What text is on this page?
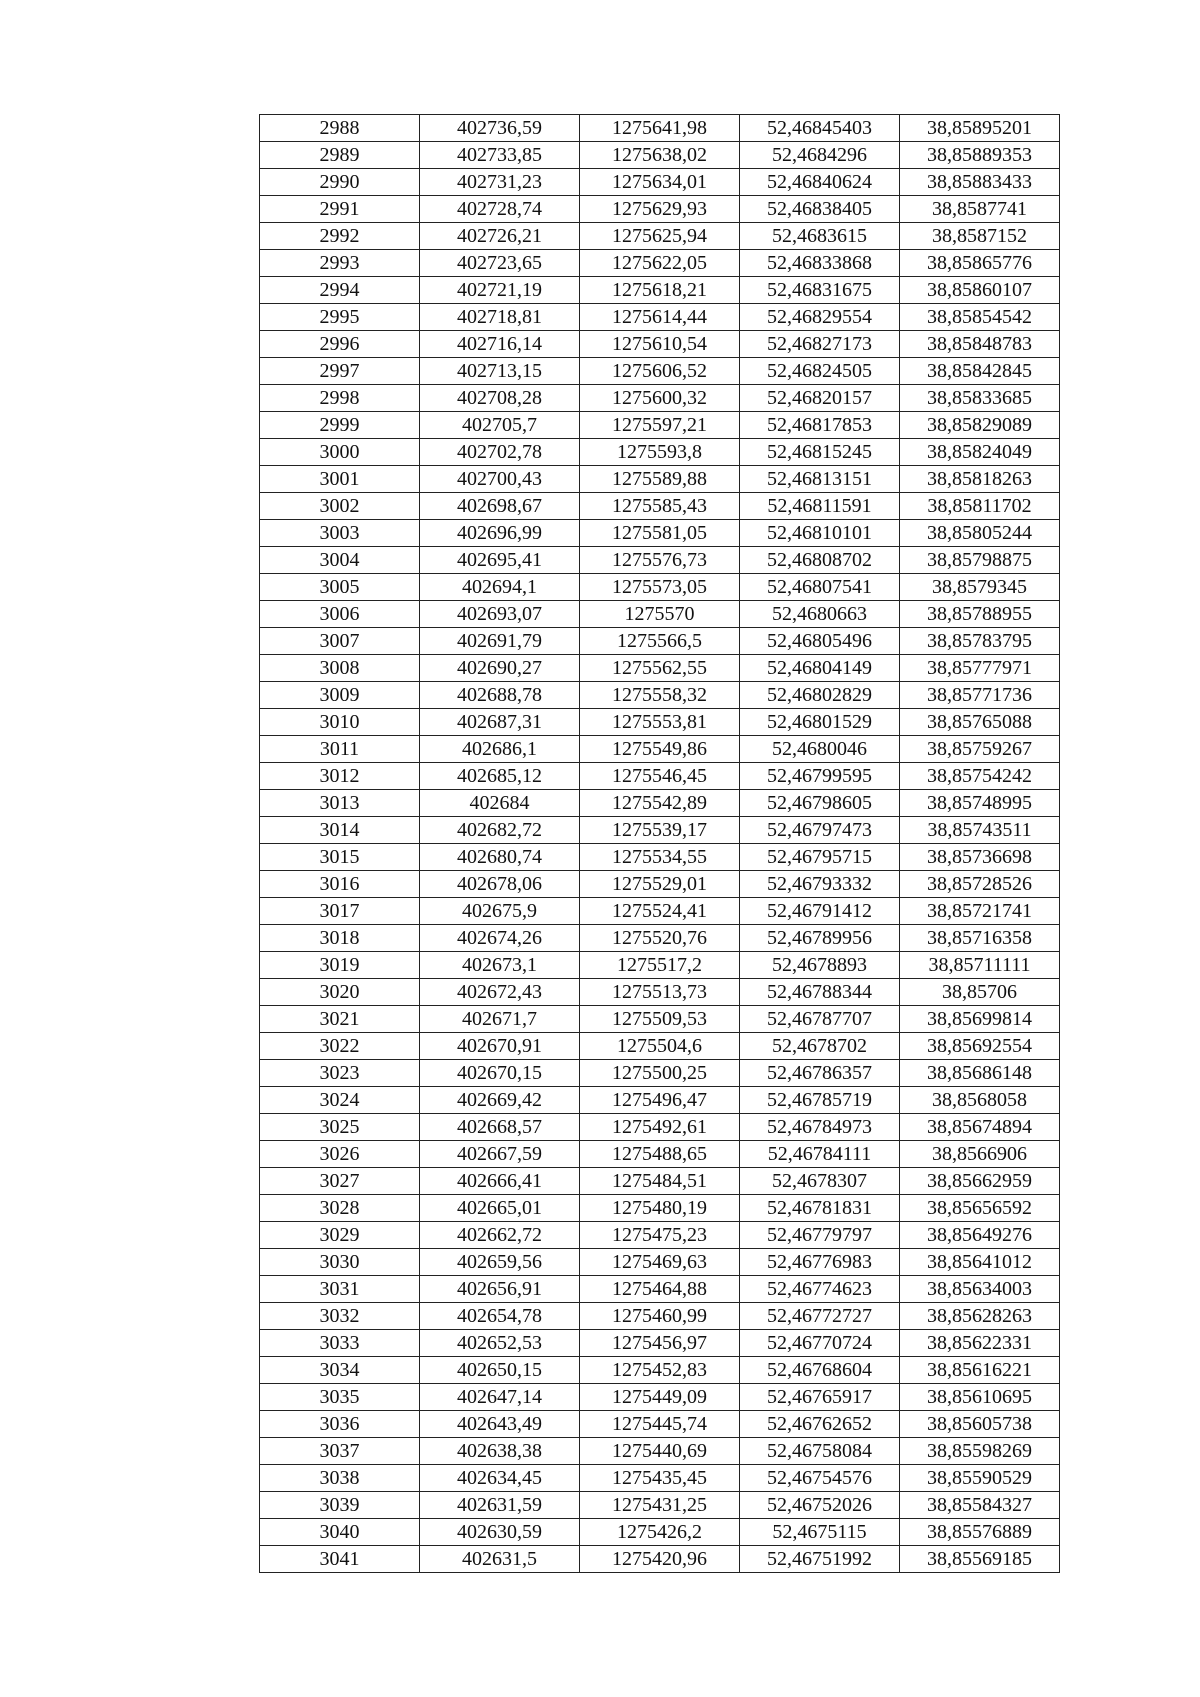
2988	402736,59	1275641,98	52,46845403	38,85895201
2989	402733,85	1275638,02	52,4684296	38,85889353
2990	402731,23	1275634,01	52,46840624	38,85883433
2991	402728,74	1275629,93	52,46838405	38,8587741
2992	402726,21	1275625,94	52,4683615	38,8587152
2993	402723,65	1275622,05	52,46833868	38,85865776
2994	402721,19	1275618,21	52,46831675	38,85860107
2995	402718,81	1275614,44	52,46829554	38,85854542
2996	402716,14	1275610,54	52,46827173	38,85848783
2997	402713,15	1275606,52	52,46824505	38,85842845
2998	402708,28	1275600,32	52,46820157	38,85833685
2999	402705,7	1275597,21	52,46817853	38,85829089
3000	402702,78	1275593,8	52,46815245	38,85824049
3001	402700,43	1275589,88	52,46813151	38,85818263
3002	402698,67	1275585,43	52,46811591	38,85811702
3003	402696,99	1275581,05	52,46810101	38,85805244
3004	402695,41	1275576,73	52,46808702	38,85798875
3005	402694,1	1275573,05	52,46807541	38,8579345
3006	402693,07	1275570	52,4680663	38,85788955
3007	402691,79	1275566,5	52,46805496	38,85783795
3008	402690,27	1275562,55	52,46804149	38,85777971
3009	402688,78	1275558,32	52,46802829	38,85771736
3010	402687,31	1275553,81	52,46801529	38,85765088
3011	402686,1	1275549,86	52,4680046	38,85759267
3012	402685,12	1275546,45	52,46799595	38,85754242
3013	402684	1275542,89	52,46798605	38,85748995
3014	402682,72	1275539,17	52,46797473	38,85743511
3015	402680,74	1275534,55	52,46795715	38,85736698
3016	402678,06	1275529,01	52,46793332	38,85728526
3017	402675,9	1275524,41	52,46791412	38,85721741
3018	402674,26	1275520,76	52,46789956	38,85716358
3019	402673,1	1275517,2	52,4678893	38,85711111
3020	402672,43	1275513,73	52,46788344	38,85706
3021	402671,7	1275509,53	52,46787707	38,85699814
3022	402670,91	1275504,6	52,4678702	38,85692554
3023	402670,15	1275500,25	52,46786357	38,85686148
3024	402669,42	1275496,47	52,46785719	38,8568058
3025	402668,57	1275492,61	52,46784973	38,85674894
3026	402667,59	1275488,65	52,46784111	38,8566906
3027	402666,41	1275484,51	52,4678307	38,85662959
3028	402665,01	1275480,19	52,46781831	38,85656592
3029	402662,72	1275475,23	52,46779797	38,85649276
3030	402659,56	1275469,63	52,46776983	38,85641012
3031	402656,91	1275464,88	52,46774623	38,85634003
3032	402654,78	1275460,99	52,46772727	38,85628263
3033	402652,53	1275456,97	52,46770724	38,85622331
3034	402650,15	1275452,83	52,46768604	38,85616221
3035	402647,14	1275449,09	52,46765917	38,85610695
3036	402643,49	1275445,74	52,46762652	38,85605738
3037	402638,38	1275440,69	52,46758084	38,85598269
3038	402634,45	1275435,45	52,46754576	38,85590529
3039	402631,59	1275431,25	52,46752026	38,85584327
3040	402630,59	1275426,2	52,4675115	38,85576889
3041	402631,5	1275420,96	52,46751992	38,85569185
